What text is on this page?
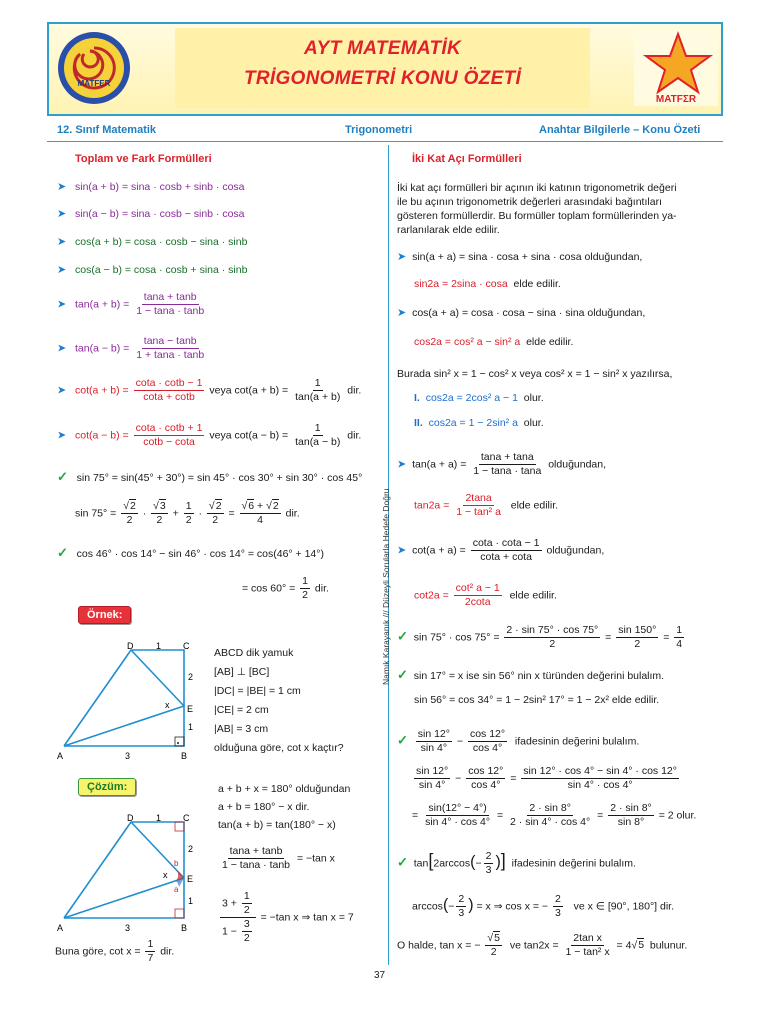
AYT MATEMATİK
TRİGONOMETRİ KONU ÖZETİ
MATFER
MATFΣR
12. Sınıf Matematik	Trigonometri	Anahtar Bilgilerle – Konu Özeti
Namık Karayanık /// Düzeyli Sorularla Hedefe Doğru
Toplam ve Fark Formülleri
➤ sin(a + b) = sina · cosb + sinb · cosa
➤ sin(a − b) = sina · cosb − sinb · cosa
➤ cos(a + b) = cosa · cosb − sina · sinb
➤ cos(a − b) = cosa · cosb + sina · sinb
➤ $\tan(a + b) = \frac{\tan a + \tan b}{1 - \tan a \cdot \tan b}$
➤ $\tan(a - b) = \frac{\tan a - \tan b}{1 + \tan a \cdot \tan b}$
➤ $\cot(a + b) = \frac{\cot a \cdot \cot b - 1}{\cot a + \cot b}$ veya $\cot(a + b) = \frac{1}{\tan(a + b)}$ dir.
➤ $\cot(a - b) = \frac{\cot a \cdot \cot b + 1}{\cot b - \cot a}$ veya $\cot(a - b) = \frac{1}{\tan(a - b)}$ dir.
✓ sin 75° = sin(45° + 30°) = sin 45° · cos 30° + sin 30° · cos 45°
$\sin 75^\circ = \frac{√2}{2} \cdot \frac{√3}{2} + \frac{1}{2} \cdot \frac{√2}{2} = \frac{√6 + √2}{4}$ dir.
✓ cos 46° · cos 14° − sin 46° · cos 14° = cos(46° + 14°)
= $\cos 60^\circ = \frac{1}{2}$ dir.
Örnek:
D	C
1
2
E
1
x
A	3	B
ABCD dik yamuk
[AB] ⊥ [BC]
|DC| = |BE| = 1 cm
|CE| = 2 cm
|AB| = 3 cm
olduğuna göre, cot x kaçtır?
Çözüm:
D	C
1
2
E
1
x
b
a
A	3	B
a + b + x = 180° olduğundan
a + b = 180° − x dir.
tan(a + b) = tan(180° − x)
$\frac{\tan a + \tan b}{1 - \tan a \cdot \tan b} = -\tan$ x
$\frac{3 + \frac{1}{2}}{1 - \frac{3}{2}} = -\tan$ x ⇒ tan x = 7
Buna göre, $\cot x = \frac{1}{7}$ dir.
İki Kat Açı Formülleri
İki kat açı formülleri bir açının iki katının trigonometrik değeri
ile bu açının trigonometrik değerleri arasındaki bağıntıları
gösteren formüllerdir. Bu formüller toplam formüllerinden ya-
rarlanılarak elde edilir.
➤ sin(a + a) = sina · cosa + sina · cosa olduğundan,
sin2a = 2sina · cosa elde edilir.
➤ cos(a + a) = cosa · cosa − sina · sina olduğundan,
cos2a = cos² a − sin² a elde edilir.
Burada sin² x = 1 − cos² x veya cos² x = 1 − sin² x yazılırsa,
I. cos2a = 2cos² a − 1 olur.
II. cos2a = 1 − 2sin² a olur.
➤ $\tan(a + a) = \frac{\tan a + \tan a}{1 - \tan a \cdot \tan a}$ olduğundan,
$\tan 2a = \frac{2\tan a}{\text{1 − tan² a}}$ elde edilir.
➤ $\cot(a + a) = \frac{\cot a \cdot \cot a - 1}{\cot a + \cot a}$ olduğundan,
$\cot 2a = \frac{\text{cot² a − 1}}{2\cot a}$ elde edilir.
✓ $\sin 75^\circ \cdot \cos 75^\circ = \frac{2 \cdot \sin 75^\circ \cdot \cos 75^\circ}{2} = \frac{\sin 150^\circ}{2} = \frac{1}{4}$
✓ sin 17° = x ise sin 56° nin x türünden değerini bulalım.
sin 56° = cos 34° = 1 − 2sin² 17° = 1 − 2x² elde edilir.
✓ $\frac{\sin 12^\circ}{\sin 4^\circ} - \frac{\cos 12^\circ}{\cos 4^\circ}$ ifadesinin değerini bulalım.
$\frac{\sin 12^\circ}{\sin 4^\circ} - \frac{\cos 12^\circ}{\cos 4^\circ} = \frac{\sin 12^\circ \cdot \cos 4^\circ - \sin 4^\circ \cdot \cos 12^\circ}{\sin 4^\circ \cdot \cos 4^\circ}$
= $\frac{\sin(12^\circ - 4^\circ)}{\sin 4^\circ \cdot \cos 4^\circ} = \frac{2 \cdot \sin 8^\circ}{2 \cdot \sin 4^\circ \cdot \cos 4^\circ} = \frac{2 \cdot \sin 8^\circ}{\sin 8^\circ} = 2$ olur.
✓  $\tan[2\arccos(- \frac{2}{3}$ )] ifadesinin değerini bulalım.
$\arccos(- \frac{2}{3}$ ) = x ⇒ cos x = − $\frac{2}{3}$ ve x ∈ [90°, 180°] dir.
O halde, tan x = − $\frac{√5}{2}$ ve $\tan 2x = \frac{\text{2tan x}}{\text{1 − tan² x}} = 4√5$ bulunur.
37
